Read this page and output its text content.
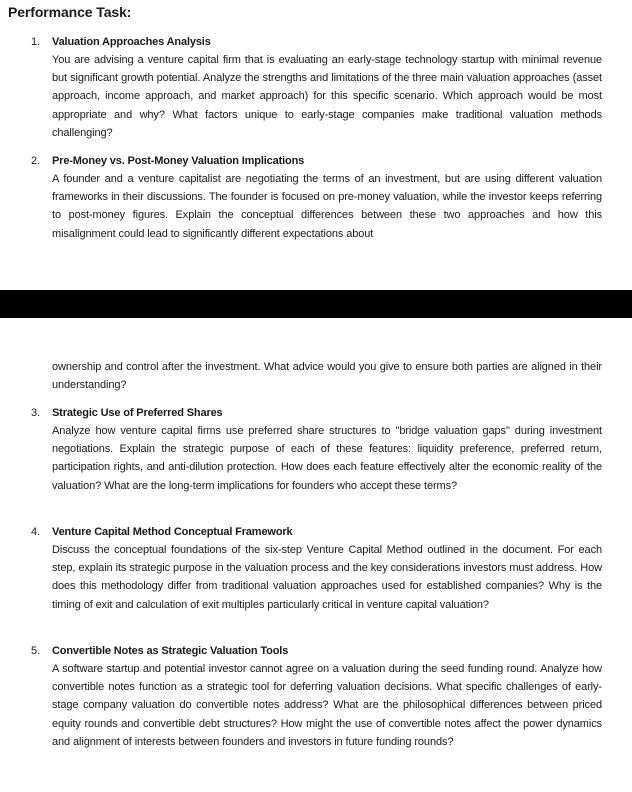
Performance Task:
1. Valuation Approaches Analysis

You are advising a venture capital firm that is evaluating an early-stage technology startup with minimal revenue but significant growth potential. Analyze the strengths and limitations of the three main valuation approaches (asset approach, income approach, and market approach) for this specific scenario. Which approach would be most appropriate and why? What factors unique to early-stage companies make traditional valuation methods challenging?

2. Pre-Money vs. Post-Money Valuation Implications

A founder and a venture capitalist are negotiating the terms of an investment, but are using different valuation frameworks in their discussions. The founder is focused on pre-money valuation, while the investor keeps referring to post-money figures. Explain the conceptual differences between these two approaches and how this misalignment could lead to significantly different expectations about

ownership and control after the investment. What advice would you give to ensure both parties are aligned in their understanding?

3. Strategic Use of Preferred Shares

Analyze how venture capital firms use preferred share structures to "bridge valuation gaps" during investment negotiations. Explain the strategic purpose of each of these features: liquidity preference, preferred return, participation rights, and anti-dilution protection. How does each feature effectively alter the economic reality of the valuation? What are the long-term implications for founders who accept these terms?

4. Venture Capital Method Conceptual Framework

Discuss the conceptual foundations of the six-step Venture Capital Method outlined in the document. For each step, explain its strategic purpose in the valuation process and the key considerations investors must address. How does this methodology differ from traditional valuation approaches used for established companies? Why is the timing of exit and calculation of exit multiples particularly critical in venture capital valuation?

5. Convertible Notes as Strategic Valuation Tools

A software startup and potential investor cannot agree on a valuation during the seed funding round. Analyze how convertible notes function as a strategic tool for deferring valuation decisions. What specific challenges of early-stage company valuation do convertible notes address? What are the philosophical differences between priced equity rounds and convertible debt structures? How might the use of convertible notes affect the power dynamics and alignment of interests between founders and investors in future funding rounds?
